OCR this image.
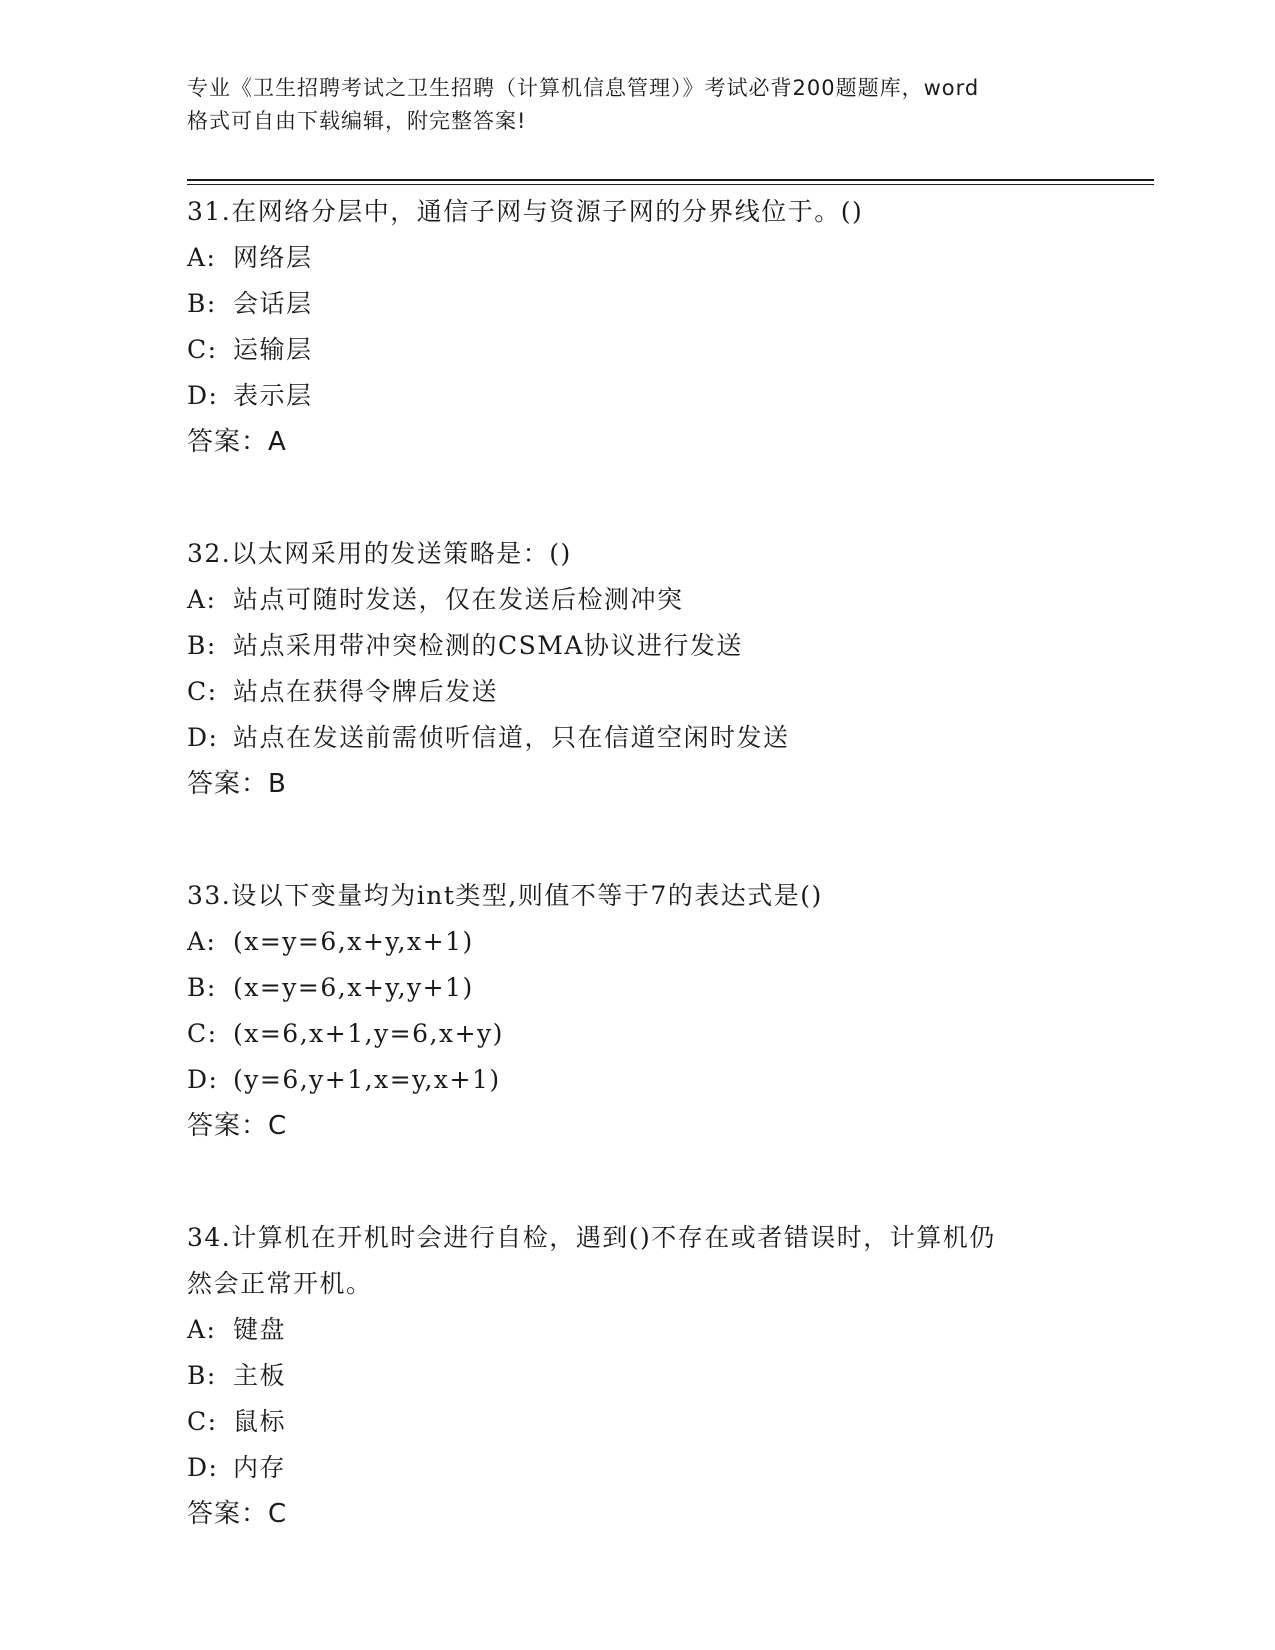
专业《卫生招聘考试之卫生招聘（计算机信息管理）》考试必背200题题库，word
格式可自由下载编辑，附完整答案!
31.在网络分层中，通信子网与资源子网的分界线位于。()
A: 网络层
B: 会话层
C: 运输层
D: 表示层
答案：A
32.以太网采用的发送策略是：()
A: 站点可随时发送，仅在发送后检测冲突
B: 站点采用带冲突检测的CSMA协议进行发送
C: 站点在获得令牌后发送
D: 站点在发送前需侦听信道，只在信道空闲时发送
答案：B
33.设以下变量均为int类型,则值不等于7的表达式是()
A: (x=y=6,x+y,x+1)
B: (x=y=6,x+y,y+1)
C: (x=6,x+1,y=6,x+y)
D: (y=6,y+1,x=y,x+1)
答案：C
34.计算机在开机时会进行自检，遇到()不存在或者错误时，计算机仍
然会正常开机。
A: 键盘
B: 主板
C: 鼠标
D: 内存
答案：C
